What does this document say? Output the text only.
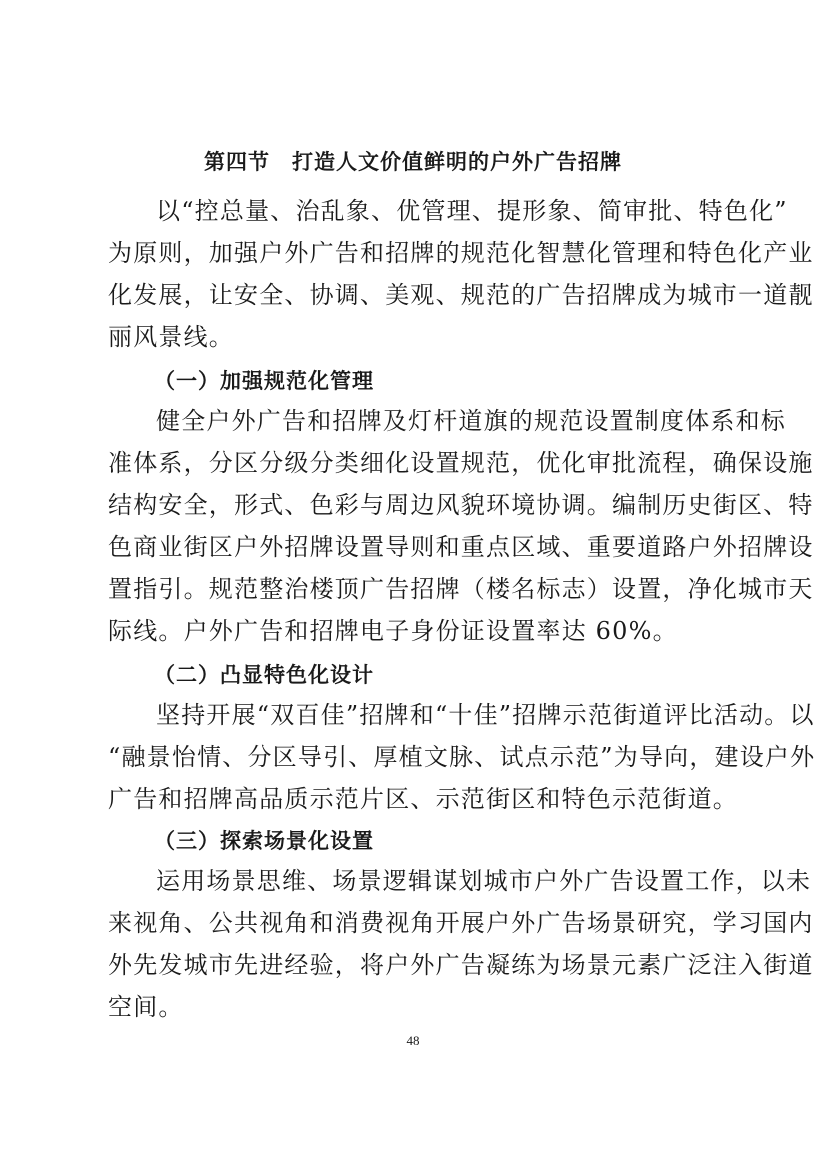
第四节　打造人文价值鲜明的户外广告招牌
以“控总量、治乱象、优管理、提形象、简审批、特色化”
为原则，加强户外广告和招牌的规范化智慧化管理和特色化产业
化发展，让安全、协调、美观、规范的广告招牌成为城市一道靓
丽风景线。
（一）加强规范化管理
健全户外广告和招牌及灯杆道旗的规范设置制度体系和标
准体系，分区分级分类细化设置规范，优化审批流程，确保设施
结构安全，形式、色彩与周边风貌环境协调。编制历史街区、特
色商业街区户外招牌设置导则和重点区域、重要道路户外招牌设
置指引。规范整治楼顶广告招牌（楼名标志）设置，净化城市天
际线。户外广告和招牌电子身份证设置率达 60%。
（二）凸显特色化设计
坚持开展“双百佳”招牌和“十佳”招牌示范街道评比活动。以
“融景怡情、分区导引、厚植文脉、试点示范”为导向，建设户外
广告和招牌高品质示范片区、示范街区和特色示范街道。
（三）探索场景化设置
运用场景思维、场景逻辑谋划城市户外广告设置工作，以未
来视角、公共视角和消费视角开展户外广告场景研究，学习国内
外先发城市先进经验，将户外广告凝练为场景元素广泛注入街道
空间。
48
